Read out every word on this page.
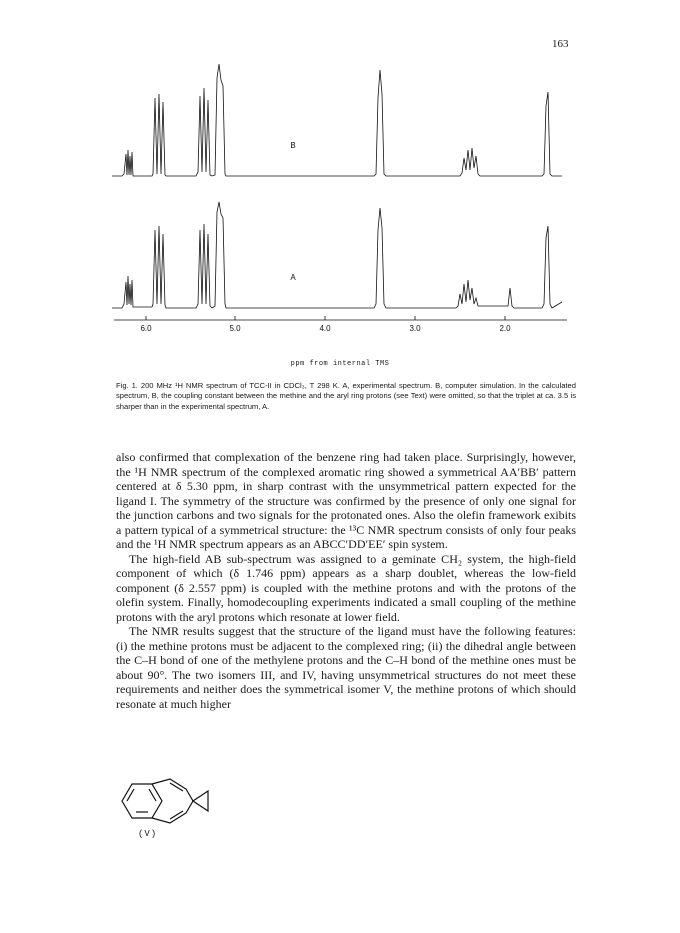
163
B
A
6.0	5.0	4.0	3.0	2.0
ppm from internal TMS
Fig. 1. 200 MHz ¹H NMR spectrum of TCC-II in CDCl₃, T 298 K. A, experimental spectrum. B, computer simulation. In the calculated spectrum, B, the coupling constant between the methine and the aryl ring protons (see Text) were omitted, so that the triplet at ca. 3.5 is sharper than in the experimental spectrum, A.

also confirmed that complexation of the benzene ring had taken place. Surprisingly, however, the ¹H NMR spectrum of the complexed aromatic ring showed a symmetrical AA′BB′ pattern centered at δ 5.30 ppm, in sharp contrast with the unsymmetrical pattern expected for the ligand I. The symmetry of the structure was confirmed by the presence of only one signal for the junction carbons and two signals for the protonated ones. Also the olefin framework exibits a pattern typical of a symmetrical structure: the ¹³C NMR spectrum consists of only four peaks and the ¹H NMR spectrum appears as an ABCC′DD′EE′ spin system.

The high-field AB sub-spectrum was assigned to a geminate CH₂ system, the high-field component of which (δ 1.746 ppm) appears as a sharp doublet, whereas the low-field component (δ 2.557 ppm) is coupled with the methine protons and with the protons of the olefin system. Finally, homodecoupling experiments indicated a small coupling of the methine protons with the aryl protons which resonate at lower field.

The NMR results suggest that the structure of the ligand must have the following features: (i) the methine protons must be adjacent to the complexed ring; (ii) the dihedral angle between the C–H bond of one of the methylene protons and the C–H bond of the methine ones must be about 90°. The two isomers III, and IV, having unsymmetrical structures do not meet these requirements and neither does the symmetrical isomer V, the methine protons of which should resonate at much higher

(V)
